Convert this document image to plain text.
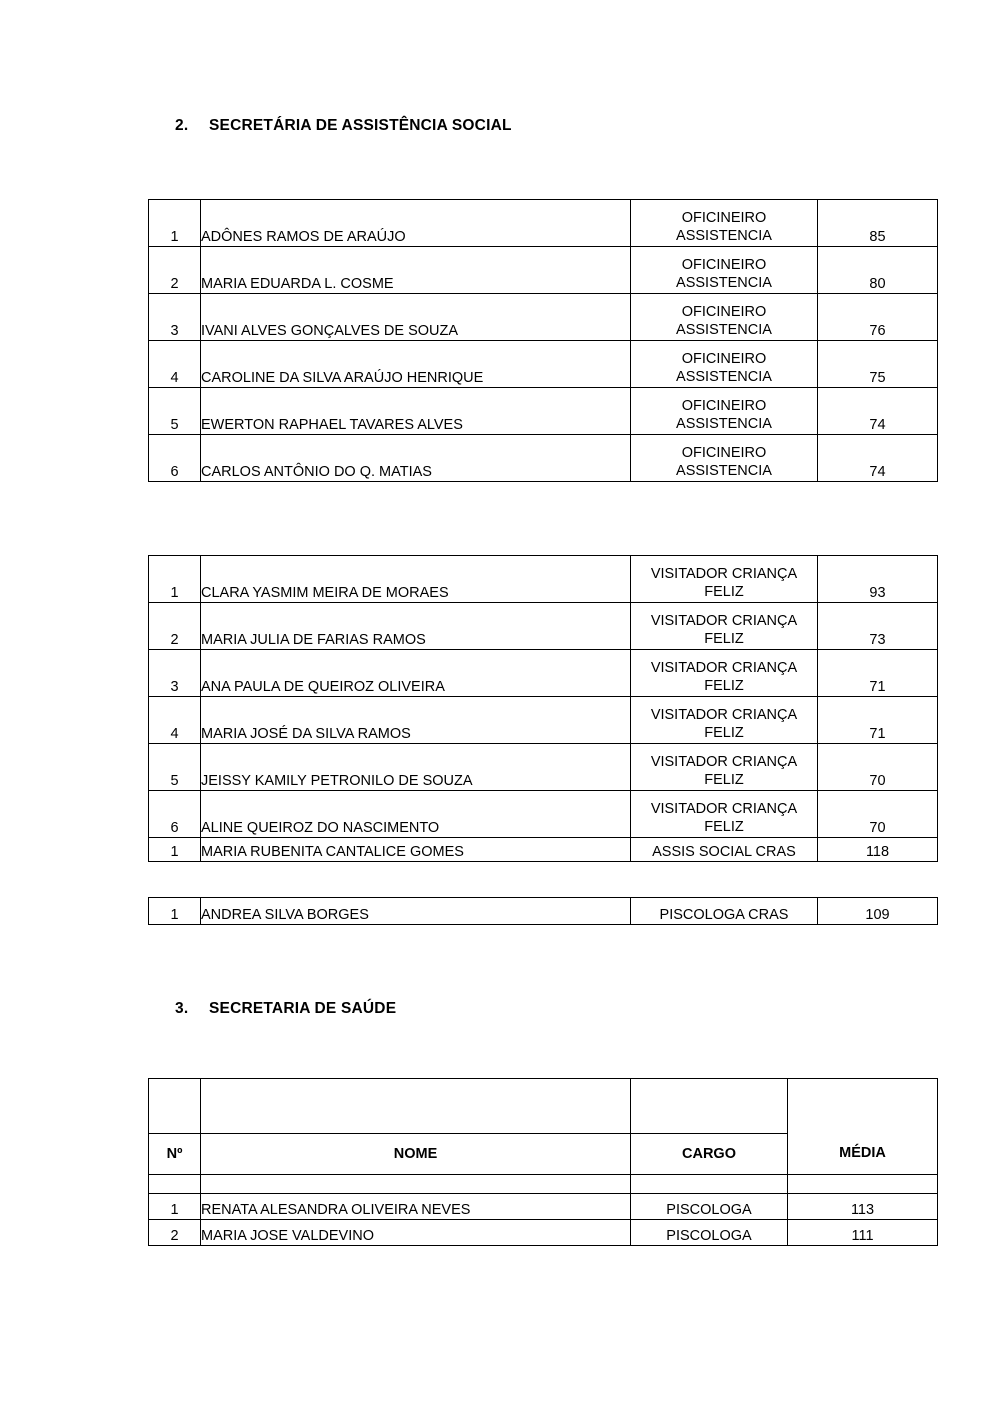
2. SECRETÁRIA DE ASSISTÊNCIA SOCIAL
1	ADÔNES RAMOS DE ARAÚJO	OFICINEIRO
ASSISTENCIA	85
2	MARIA EDUARDA L. COSME	OFICINEIRO
ASSISTENCIA	80
3	IVANI ALVES GONÇALVES DE SOUZA	OFICINEIRO
ASSISTENCIA	76
4	CAROLINE DA SILVA ARAÚJO HENRIQUE	OFICINEIRO
ASSISTENCIA	75
5	EWERTON RAPHAEL TAVARES ALVES	OFICINEIRO
ASSISTENCIA	74
6	CARLOS ANTÔNIO DO Q. MATIAS	OFICINEIRO
ASSISTENCIA	74
1	CLARA YASMIM MEIRA DE MORAES	VISITADOR CRIANÇA
FELIZ	93
2	MARIA JULIA DE FARIAS RAMOS	VISITADOR CRIANÇA
FELIZ	73
3	ANA PAULA DE QUEIROZ OLIVEIRA	VISITADOR CRIANÇA
FELIZ	71
4	MARIA JOSÉ DA SILVA RAMOS	VISITADOR CRIANÇA
FELIZ	71
5	JEISSY KAMILY PETRONILO DE SOUZA	VISITADOR CRIANÇA
FELIZ	70
6	ALINE QUEIROZ DO NASCIMENTO	VISITADOR CRIANÇA
FELIZ	70
1	MARIA RUBENITA CANTALICE GOMES	ASSIS SOCIAL CRAS	118
1	ANDREA SILVA BORGES	PISCOLOGA CRAS	109
3. SECRETARIA DE SAÚDE

Nº	NOME	CARGO	MÉDIA

1	RENATA ALESANDRA OLIVEIRA NEVES	PISCOLOGA	113
2	MARIA JOSE VALDEVINO	PISCOLOGA	111
